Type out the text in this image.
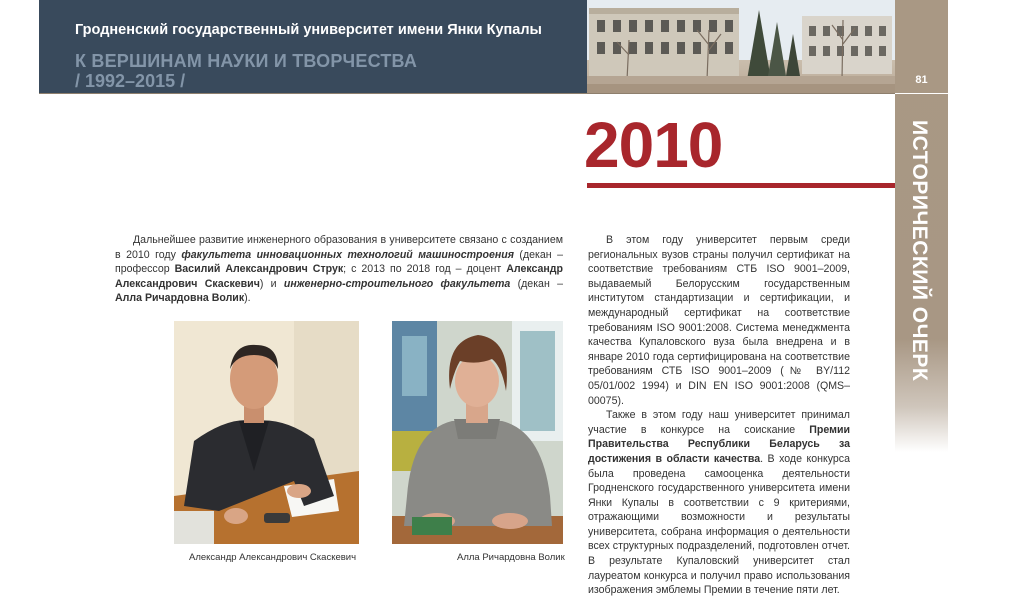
Гродненский государственный университет имени Янки Купалы
К ВЕРШИНАМ НАУКИ И ТВОРЧЕСТВА
/ 1992–2015 /	81
ИСТОРИЧЕСКИЙ ОЧЕРК
2010

Дальнейшее развитие инженерного образования в университете связано с созданием в 2010 году факультета инновационных технологий машиностроения (декан – профессор Василий Александрович Струк; с 2013 по 2018 год – доцент Александр Александрович Скаскевич) и инженерно-строительного факультета (декан – Алла Ричардовна Волик).

В этом году университет первым среди региональных вузов страны получил сертификат на соответствие требованиям СТБ ISO 9001–2009, выдаваемый Белорусским государственным институтом стандартизации и сертификации, и международный сертификат на соответствие требованиям ISO 9001:2008. Система менеджмента качества Купаловского вуза была внедрена и в январе 2010 года сертифицирована на соответствие требованиям СТБ ISO 9001–2009 (№ BY/112 05/01/002 1994) и DIN EN ISO 9001:2008 (QMS–00075).

Также в этом году наш университет принимал участие в конкурсе на соискание Премии Правительства Республики Беларусь за достижения в области качества. В ходе конкурса была проведена самооценка деятельности Гродненского государственного университета имени Янки Купалы в соответствии с 9 критериями, отражающими возможности и результаты университета, собрана информация о деятельности всех структурных подразделений, подготовлен отчет. В результате Купаловский университет стал лауреатом конкурса и получил право использования изображения эмблемы Премии в течение пяти лет.

Александр Александрович Скаскевич	Алла Ричардовна Волик
